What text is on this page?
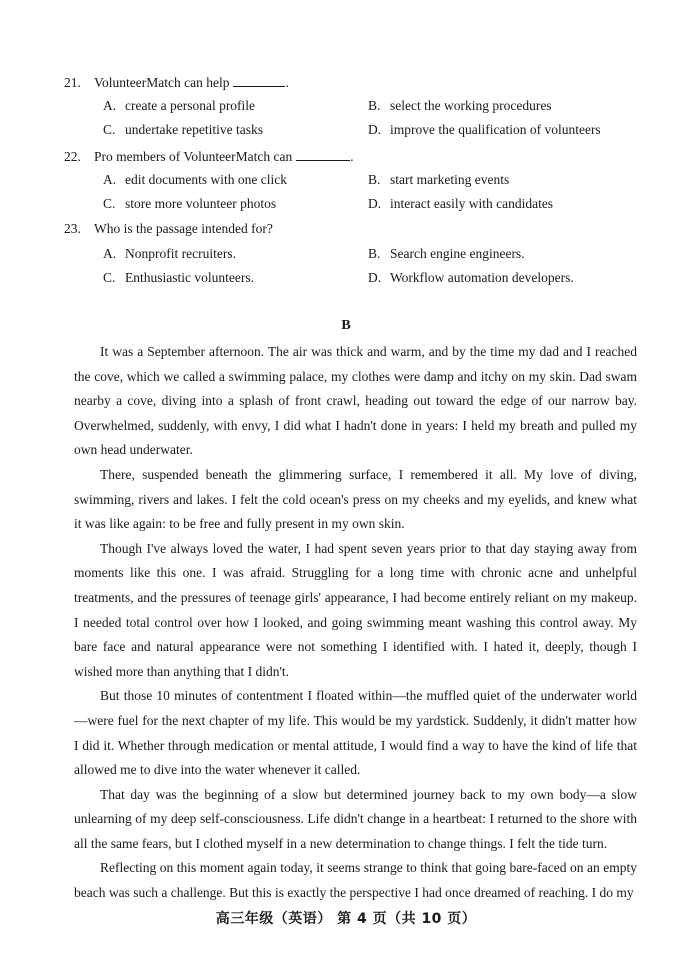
21. VolunteerMatch can help	.
A. create a personal profile	B. select the working procedures
C. undertake repetitive tasks	D. improve the qualification of volunteers
22. Pro members of VolunteerMatch can	.
A. edit documents with one click	B. start marketing events
C. store more volunteer photos	D. interact easily with candidates
23. Who is the passage intended for?
A. Nonprofit recruiters.	B. Search engine engineers.
C. Enthusiastic volunteers.	D. Workflow automation developers.
B

It was a September afternoon. The air was thick and warm, and by the time my dad and I reached the cove, which we called a swimming palace, my clothes were damp and itchy on my skin. Dad swam nearby a cove, diving into a splash of front crawl, heading out toward the edge of our narrow bay. Overwhelmed, suddenly, with envy, I did what I hadn't done in years: I held my breath and pulled my own head underwater.

There, suspended beneath the glimmering surface, I remembered it all. My love of diving, swimming, rivers and lakes. I felt the cold ocean's press on my cheeks and my eyelids, and knew what it was like again: to be free and fully present in my own skin.

Though I've always loved the water, I had spent seven years prior to that day staying away from moments like this one. I was afraid. Struggling for a long time with chronic acne and unhelpful treatments, and the pressures of teenage girls' appearance, I had become entirely reliant on my makeup. I needed total control over how I looked, and going swimming meant washing this control away. My bare face and natural appearance were not something I identified with. I hated it, deeply, though I wished more than anything that I didn't.

But those 10 minutes of contentment I floated within—the muffled quiet of the underwater world—were fuel for the next chapter of my life. This would be my yardstick. Suddenly, it didn't matter how I did it. Whether through medication or mental attitude, I would find a way to have the kind of life that allowed me to dive into the water whenever it called.

That day was the beginning of a slow but determined journey back to my own body—a slow unlearning of my deep self-consciousness. Life didn't change in a heartbeat: I returned to the shore with all the same fears, but I clothed myself in a new determination to change things. I felt the tide turn.

Reflecting on this moment again today, it seems strange to think that going bare-faced on an empty beach was such a challenge. But this is exactly the perspective I had once dreamed of reaching. I do my

高三年级（英语） 第 4 页（共 10 页）
